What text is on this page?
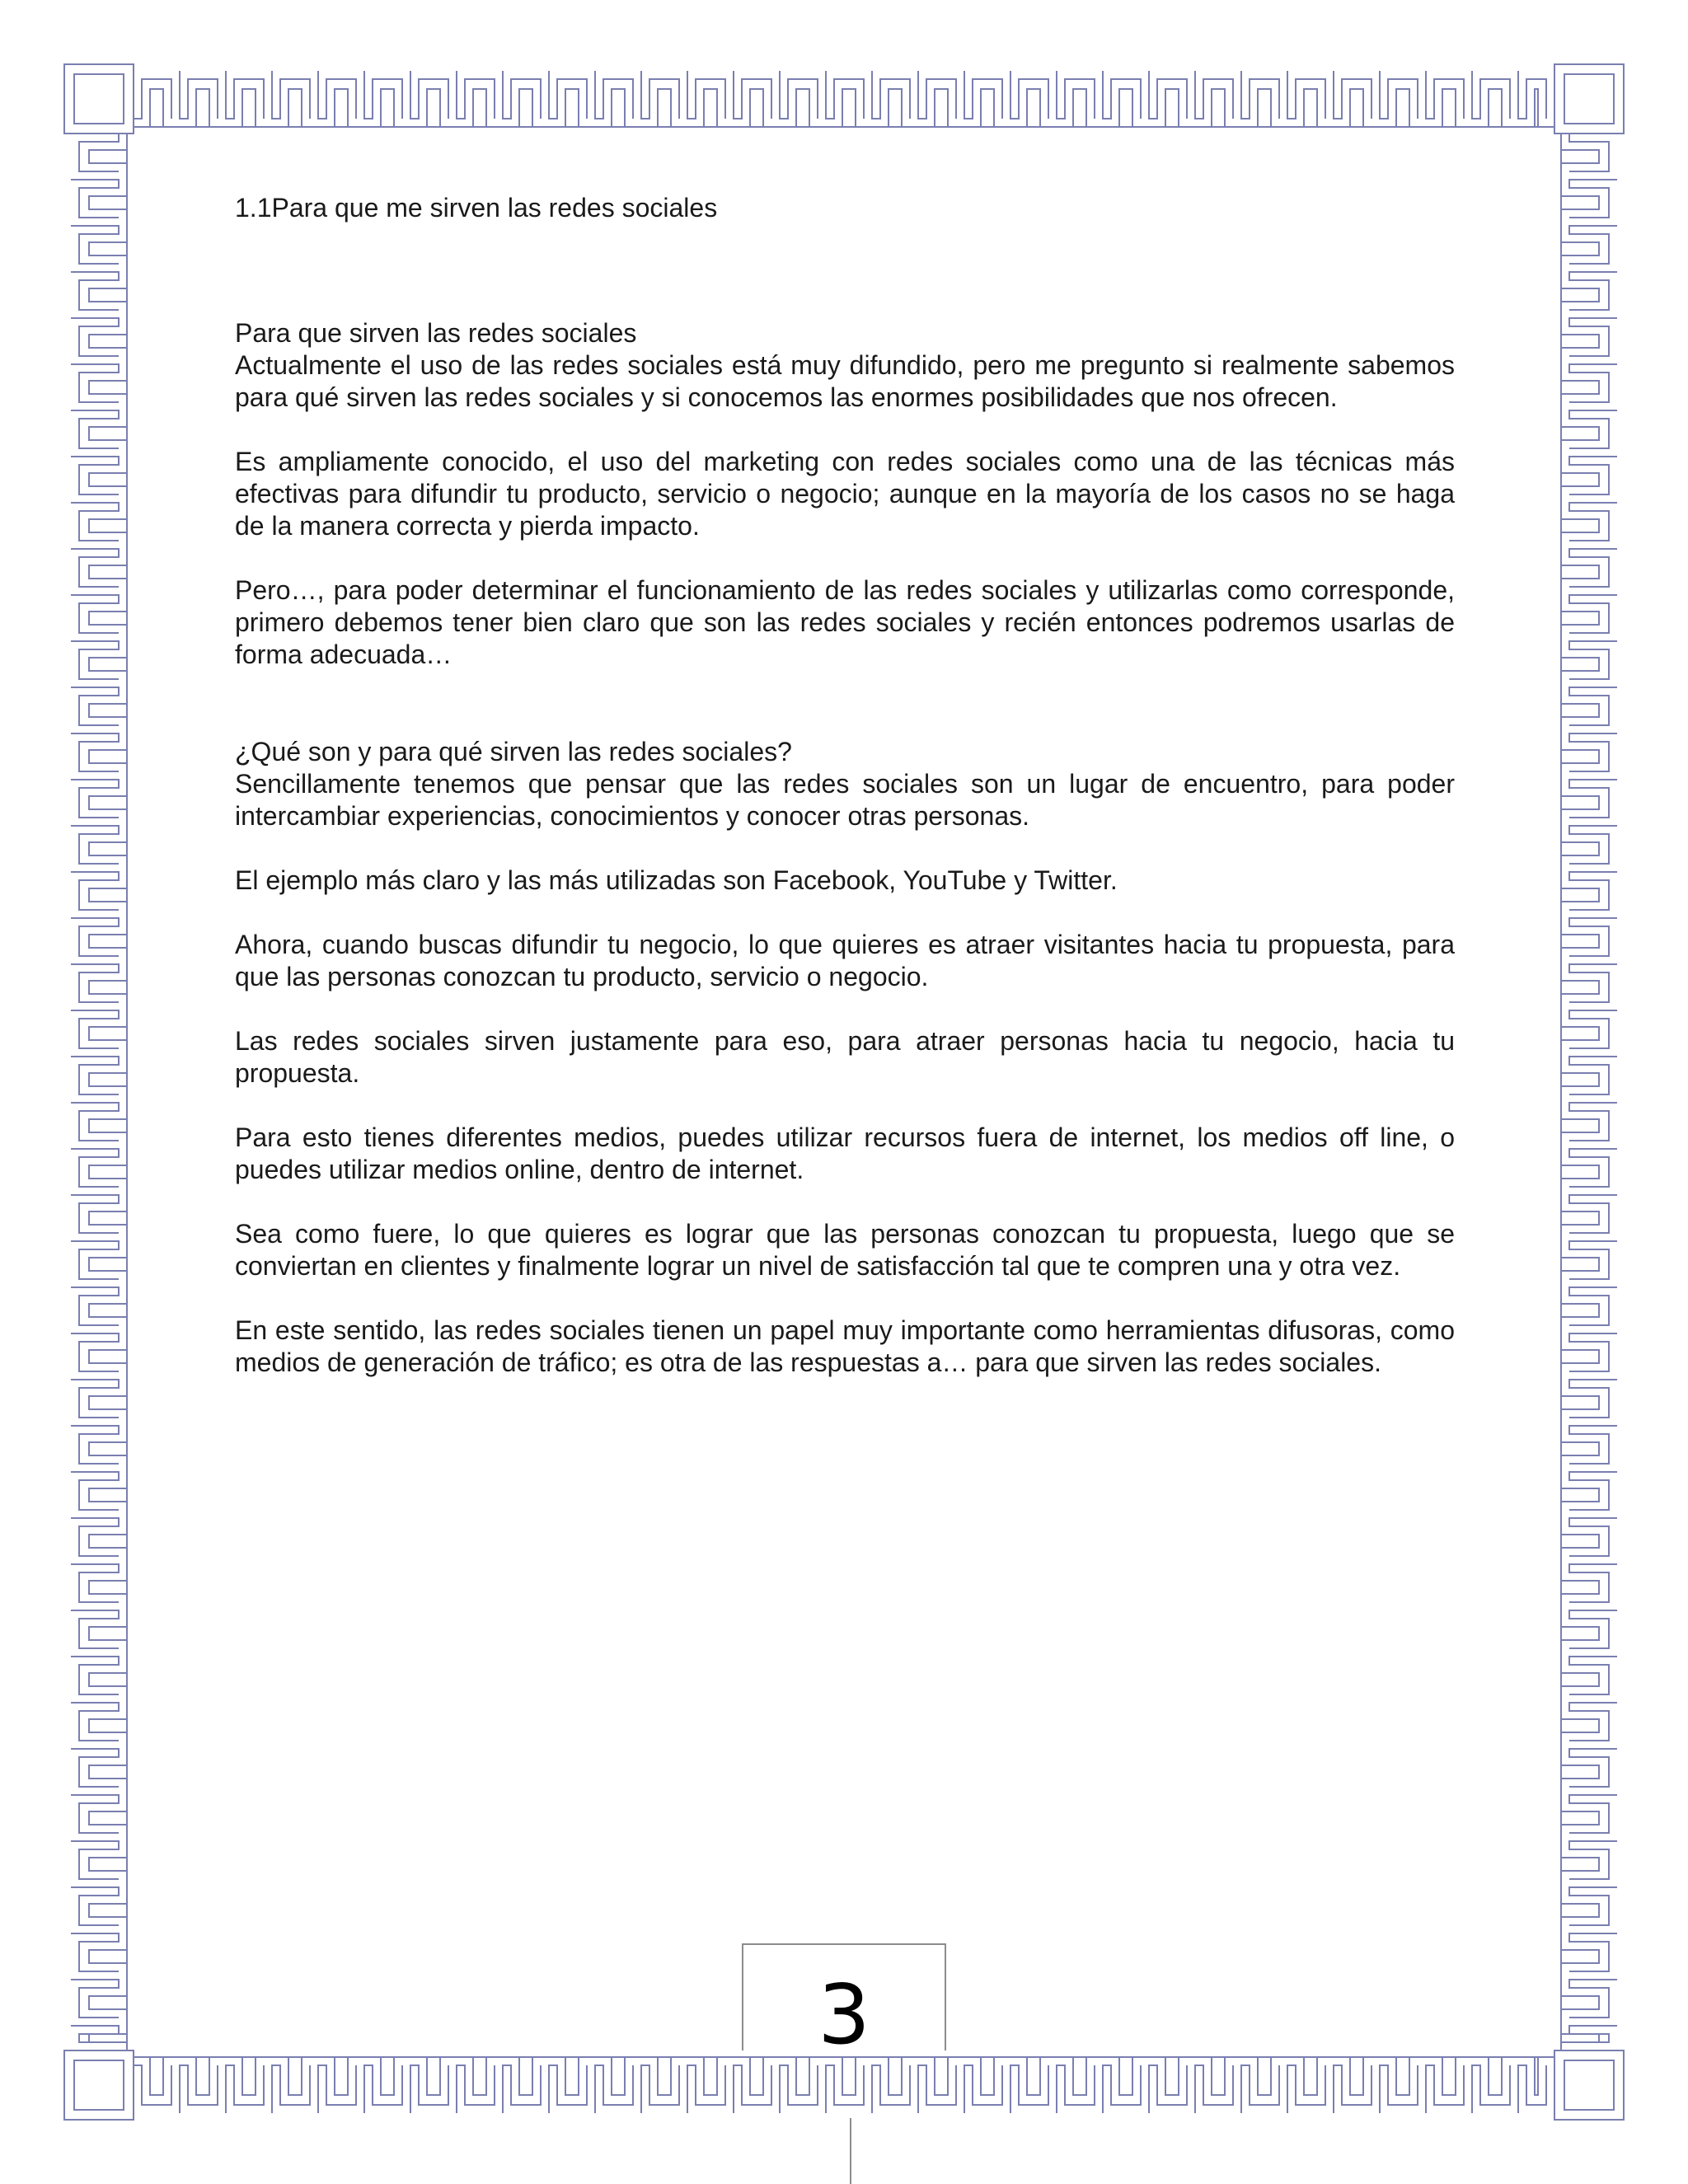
1.1Para que me sirven las redes sociales

Para que sirven las redes sociales

Actualmente el uso de las redes sociales está muy difundido, pero me pregunto si realmente sabemos para qué sirven las redes sociales y si conocemos las enormes posibilidades que nos ofrecen.

Es ampliamente conocido, el uso del marketing con redes sociales como una de las técnicas más efectivas para difundir tu producto, servicio o negocio; aunque en la mayoría de los casos no se haga de la manera correcta y pierda impacto.

Pero…, para poder determinar el funcionamiento de las redes sociales y utilizarlas como corresponde, primero debemos tener bien claro que son las redes sociales y recién entonces podremos usarlas de forma adecuada…

¿Qué son y para qué sirven las redes sociales?

Sencillamente tenemos que pensar que las redes sociales son un lugar de encuentro, para poder intercambiar experiencias, conocimientos y conocer otras personas.

El ejemplo más claro y las más utilizadas son Facebook, YouTube y Twitter.

Ahora, cuando buscas difundir tu negocio, lo que quieres es atraer visitantes hacia tu propuesta, para que las personas conozcan tu producto, servicio o negocio.

Las redes sociales sirven justamente para eso, para atraer personas hacia tu negocio, hacia tu propuesta.

Para esto tienes diferentes medios, puedes utilizar recursos fuera de internet, los medios off line, o puedes utilizar medios online, dentro de internet.

Sea como fuere, lo que quieres es lograr que las personas conozcan tu propuesta, luego que se conviertan en clientes y finalmente lograr un nivel de satisfacción tal que te compren una y otra vez.

En este sentido, las redes sociales tienen un papel muy importante como herramientas difusoras, como medios de generación de tráfico; es otra de las respuestas a… para que sirven las redes sociales.

3
